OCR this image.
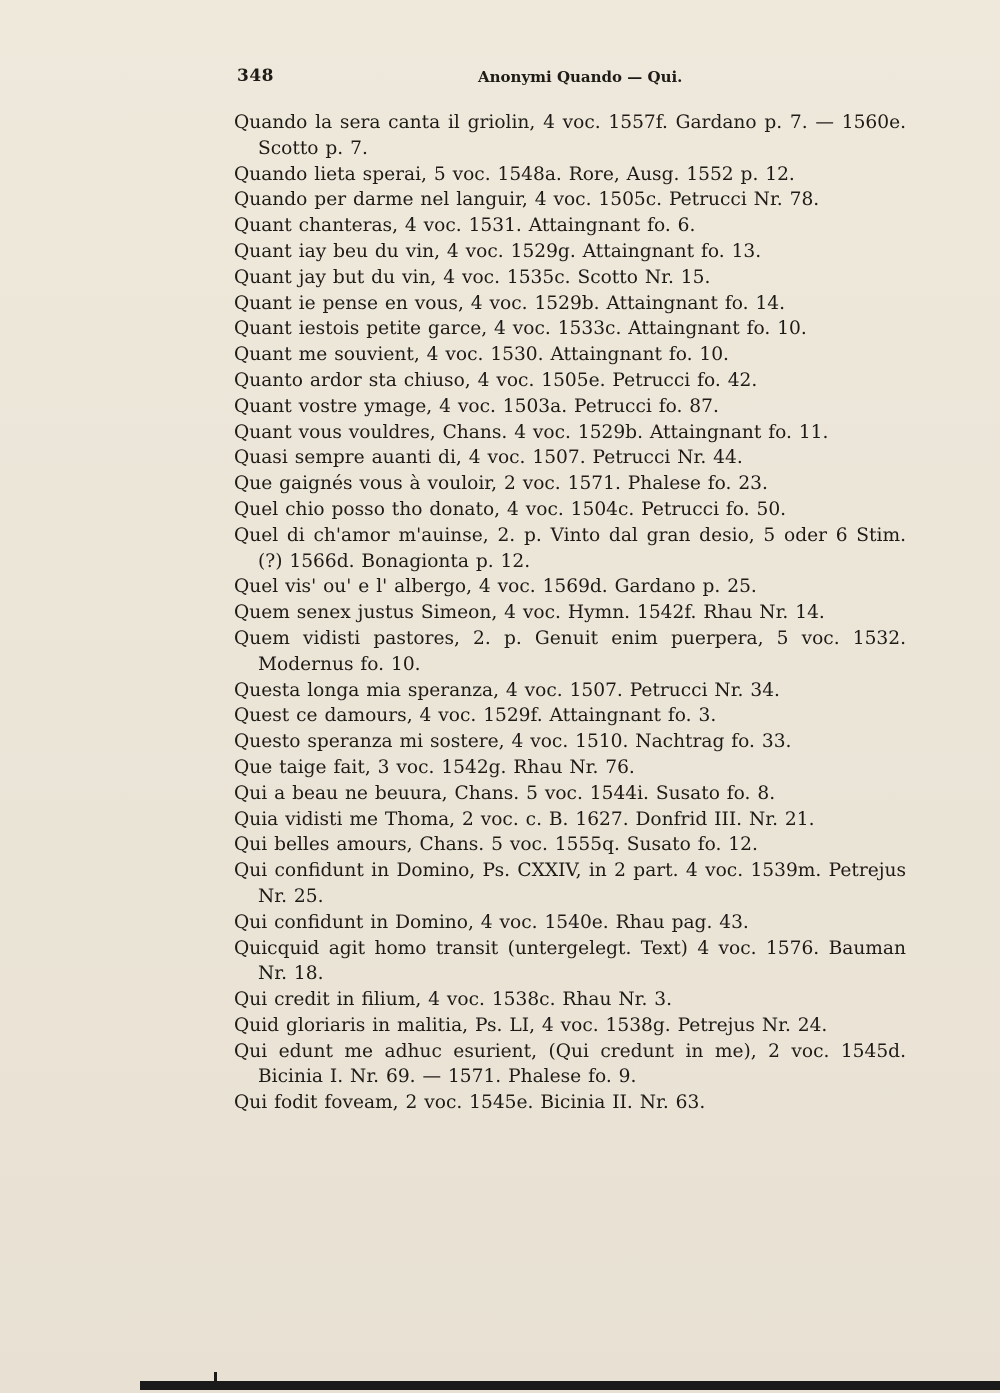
348	Anonymi Quando — Qui.
Quando la sera canta il griolin, 4 voc. 1557f. Gardano p. 7. — 1560e. Scotto p. 7.
Quando lieta sperai, 5 voc. 1548a. Rore, Ausg. 1552 p. 12.
Quando per darme nel languir, 4 voc. 1505c. Petrucci Nr. 78.
Quant chanteras, 4 voc. 1531. Attaingnant fo. 6.
Quant iay beu du vin, 4 voc. 1529g. Attaingnant fo. 13.
Quant jay but du vin, 4 voc. 1535c. Scotto Nr. 15.
Quant ie pense en vous, 4 voc. 1529b. Attaingnant fo. 14.
Quant iestois petite garce, 4 voc. 1533c. Attaingnant fo. 10.
Quant me souvient, 4 voc. 1530. Attaingnant fo. 10.
Quanto ardor sta chiuso, 4 voc. 1505e. Petrucci fo. 42.
Quant vostre ymage, 4 voc. 1503a. Petrucci fo. 87.
Quant vous vouldres, Chans. 4 voc. 1529b. Attaingnant fo. 11.
Quasi sempre auanti di, 4 voc. 1507. Petrucci Nr. 44.
Que gaignés vous à vouloir, 2 voc. 1571. Phalese fo. 23.
Quel chio posso tho donato, 4 voc. 1504c. Petrucci fo. 50.
Quel di ch'amor m'auinse, 2. p. Vinto dal gran desio, 5 oder 6 Stim. (?) 1566d. Bonagionta p. 12.
Quel vis' ou' e l' albergo, 4 voc. 1569d. Gardano p. 25.
Quem senex justus Simeon, 4 voc. Hymn. 1542f. Rhau Nr. 14.
Quem vidisti pastores, 2. p. Genuit enim puerpera, 5 voc. 1532. Modernus fo. 10.
Questa longa mia speranza, 4 voc. 1507. Petrucci Nr. 34.
Quest ce damours, 4 voc. 1529f. Attaingnant fo. 3.
Questo speranza mi sostere, 4 voc. 1510. Nachtrag fo. 33.
Que taige fait, 3 voc. 1542g. Rhau Nr. 76.
Qui a beau ne beuura, Chans. 5 voc. 1544i. Susato fo. 8.
Quia vidisti me Thoma, 2 voc. c. B. 1627. Donfrid III. Nr. 21.
Qui belles amours, Chans. 5 voc. 1555q. Susato fo. 12.
Qui confidunt in Domino, Ps. CXXIV, in 2 part. 4 voc. 1539m. Petrejus Nr. 25.
Qui confidunt in Domino, 4 voc. 1540e. Rhau pag. 43.
Quicquid agit homo transit (untergelegt. Text) 4 voc. 1576. Bauman Nr. 18.
Qui credit in filium, 4 voc. 1538c. Rhau Nr. 3.
Quid gloriaris in malitia, Ps. LI, 4 voc. 1538g. Petrejus Nr. 24.
Qui edunt me adhuc esurient, (Qui credunt in me), 2 voc. 1545d. Bicinia I. Nr. 69. — 1571. Phalese fo. 9.
Qui fodit foveam, 2 voc. 1545e. Bicinia II. Nr. 63.
